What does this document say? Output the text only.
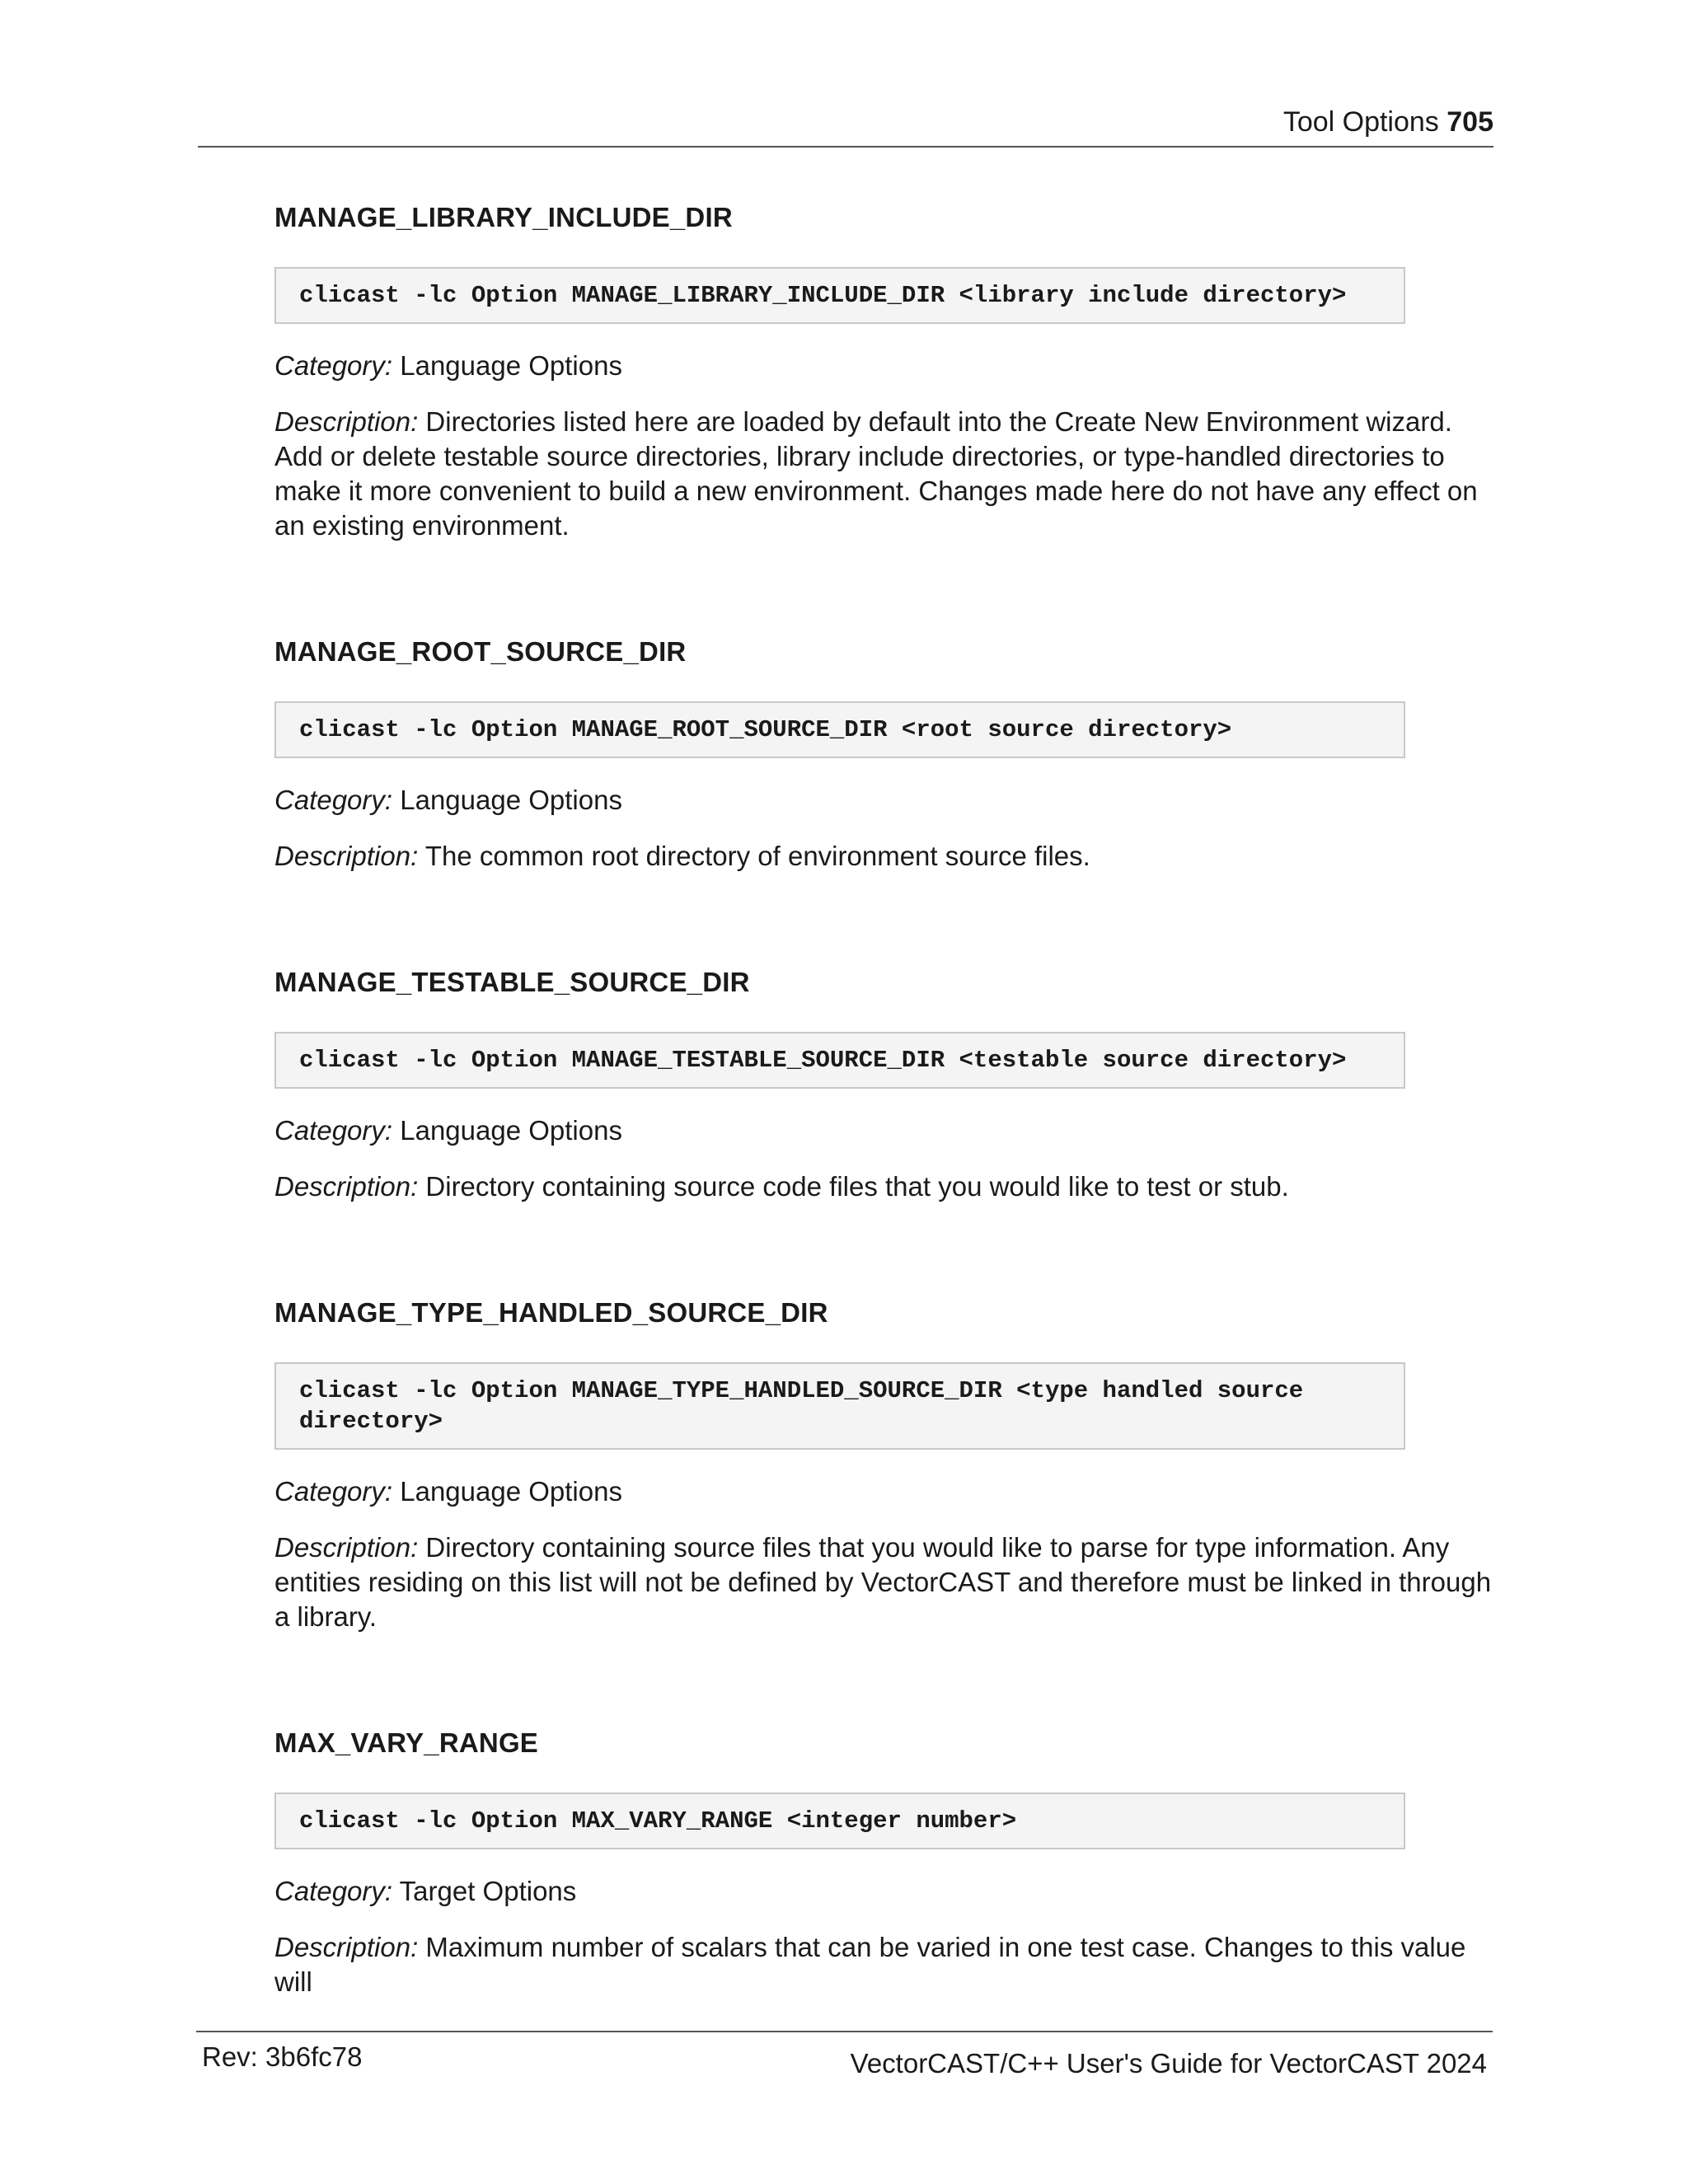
Tool Options 705
MANAGE_LIBRARY_INCLUDE_DIR
clicast -lc Option MANAGE_LIBRARY_INCLUDE_DIR <library include directory>
Category: Language Options
Description: Directories listed here are loaded by default into the Create New Environment wizard. Add or delete testable source directories, library include directories, or type-handled directories to make it more convenient to build a new environment. Changes made here do not have any effect on an existing environment.
MANAGE_ROOT_SOURCE_DIR
clicast -lc Option MANAGE_ROOT_SOURCE_DIR <root source directory>
Category: Language Options
Description: The common root directory of environment source files.
MANAGE_TESTABLE_SOURCE_DIR
clicast -lc Option MANAGE_TESTABLE_SOURCE_DIR <testable source directory>
Category: Language Options
Description: Directory containing source code files that you would like to test or stub.
MANAGE_TYPE_HANDLED_SOURCE_DIR
clicast -lc Option MANAGE_TYPE_HANDLED_SOURCE_DIR <type handled source
directory>
Category: Language Options
Description: Directory containing source files that you would like to parse for type information. Any entities residing on this list will not be defined by VectorCAST and therefore must be linked in through a library.
MAX_VARY_RANGE
clicast -lc Option MAX_VARY_RANGE <integer number>
Category: Target Options
Description: Maximum number of scalars that can be varied in one test case. Changes to this value will
Rev: 3b6fc78	VectorCAST/C++ User's Guide for VectorCAST 2024
